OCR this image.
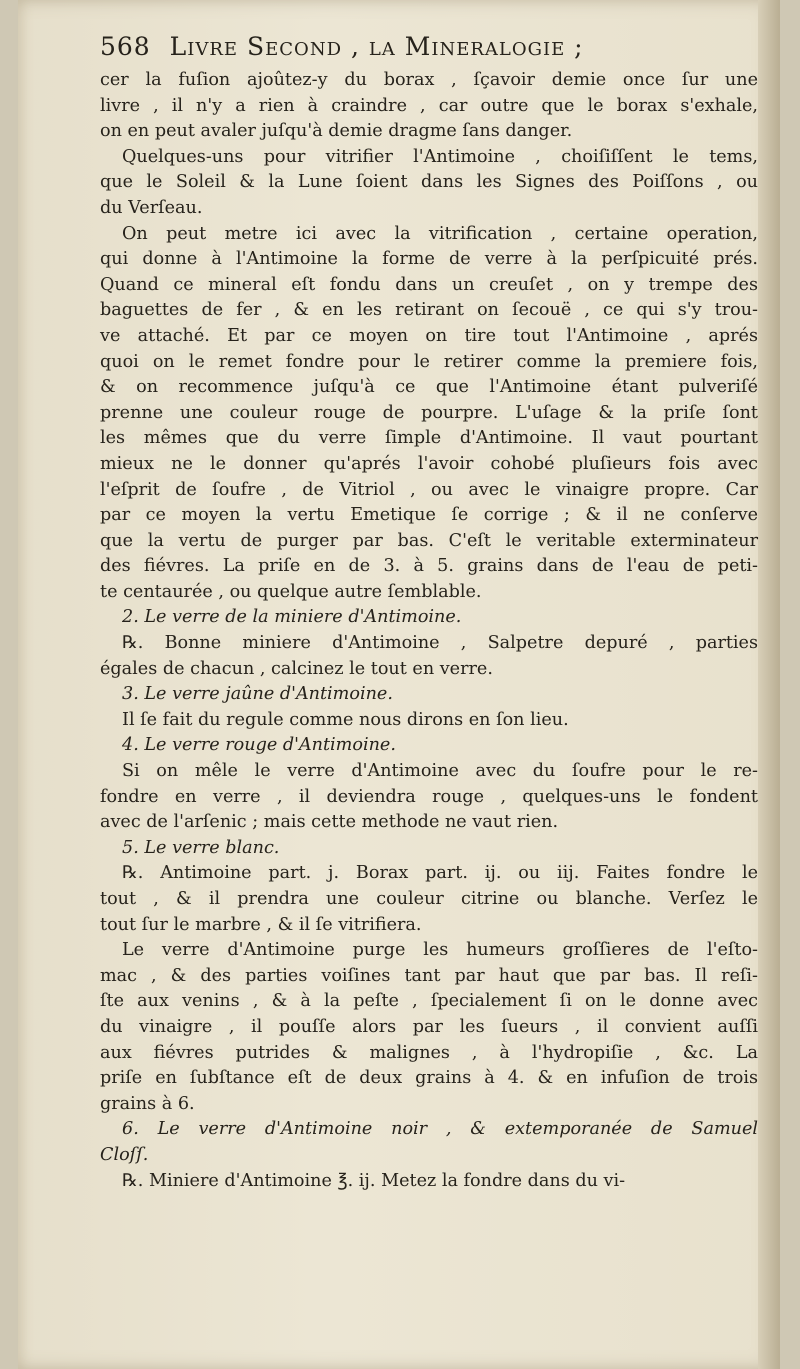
568 Livre Second , la Mineralogie ;
cer la fuſion ajoûtez-y du borax , ſçavoir demie once ſur une
livre , il n'y a rien à craindre , car outre que le borax s'exhale,
on en peut avaler juſqu'à demie dragme ſans danger.
Quelques-uns pour vitrifier l'Antimoine , choiſiſſent le tems,
que le Soleil & la Lune ſoient dans les Signes des Poiſſons , ou
du Verſeau.
On peut metre ici avec la vitrification , certaine operation,
qui donne à l'Antimoine la forme de verre à la perſpicuité prés.
Quand ce mineral eſt fondu dans un creuſet , on y trempe des
baguettes de fer , & en les retirant on ſecouë , ce qui s'y trou-
ve attaché. Et par ce moyen on tire tout l'Antimoine , aprés
quoi on le remet fondre pour le retirer comme la premiere fois,
& on recommence juſqu'à ce que l'Antimoine étant pulveriſé
prenne une couleur rouge de pourpre. L'uſage & la priſe ſont
les mêmes que du verre ſimple d'Antimoine. Il vaut pourtant
mieux ne le donner qu'aprés l'avoir cohobé pluſieurs fois avec
l'eſprit de ſoufre , de Vitriol , ou avec le vinaigre propre. Car
par ce moyen la vertu Emetique ſe corrige ; & il ne conſerve
que la vertu de purger par bas. C'eſt le veritable exterminateur
des fiévres. La priſe en de 3. à 5. grains dans de l'eau de peti-
te centaurée , ou quelque autre ſemblable.
2. Le verre de la miniere d'Antimoine.
℞. Bonne miniere d'Antimoine , Salpetre depuré , parties
égales de chacun , calcinez le tout en verre.
3. Le verre jaûne d'Antimoine.
Il ſe fait du regule comme nous dirons en ſon lieu.
4. Le verre rouge d'Antimoine.
Si on mêle le verre d'Antimoine avec du ſoufre pour le re-
fondre en verre , il deviendra rouge , quelques-uns le fondent
avec de l'arſenic ; mais cette methode ne vaut rien.
5. Le verre blanc.
℞. Antimoine part. j. Borax part. ij. ou iij. Faites fondre le
tout , & il prendra une couleur citrine ou blanche. Verſez le
tout ſur le marbre , & il ſe vitrifiera.
Le verre d'Antimoine purge les humeurs groſſieres de l'eſto-
mac , & des parties voiſines tant par haut que par bas. Il reſi-
ſte aux venins , & à la peſte , ſpecialement ſi on le donne avec
du vinaigre , il pouſſe alors par les ſueurs , il convient auſſi
aux fiévres putrides & malignes , à l'hydropiſie , &c. La
priſe en ſubſtance eſt de deux grains à 4. & en infuſion de trois
grains à 6.
6. Le verre d'Antimoine noir , & extemporanée de Samuel
Cloſſ.
℞. Miniere d'Antimoine ℥. ij. Metez la fondre dans du vi-
